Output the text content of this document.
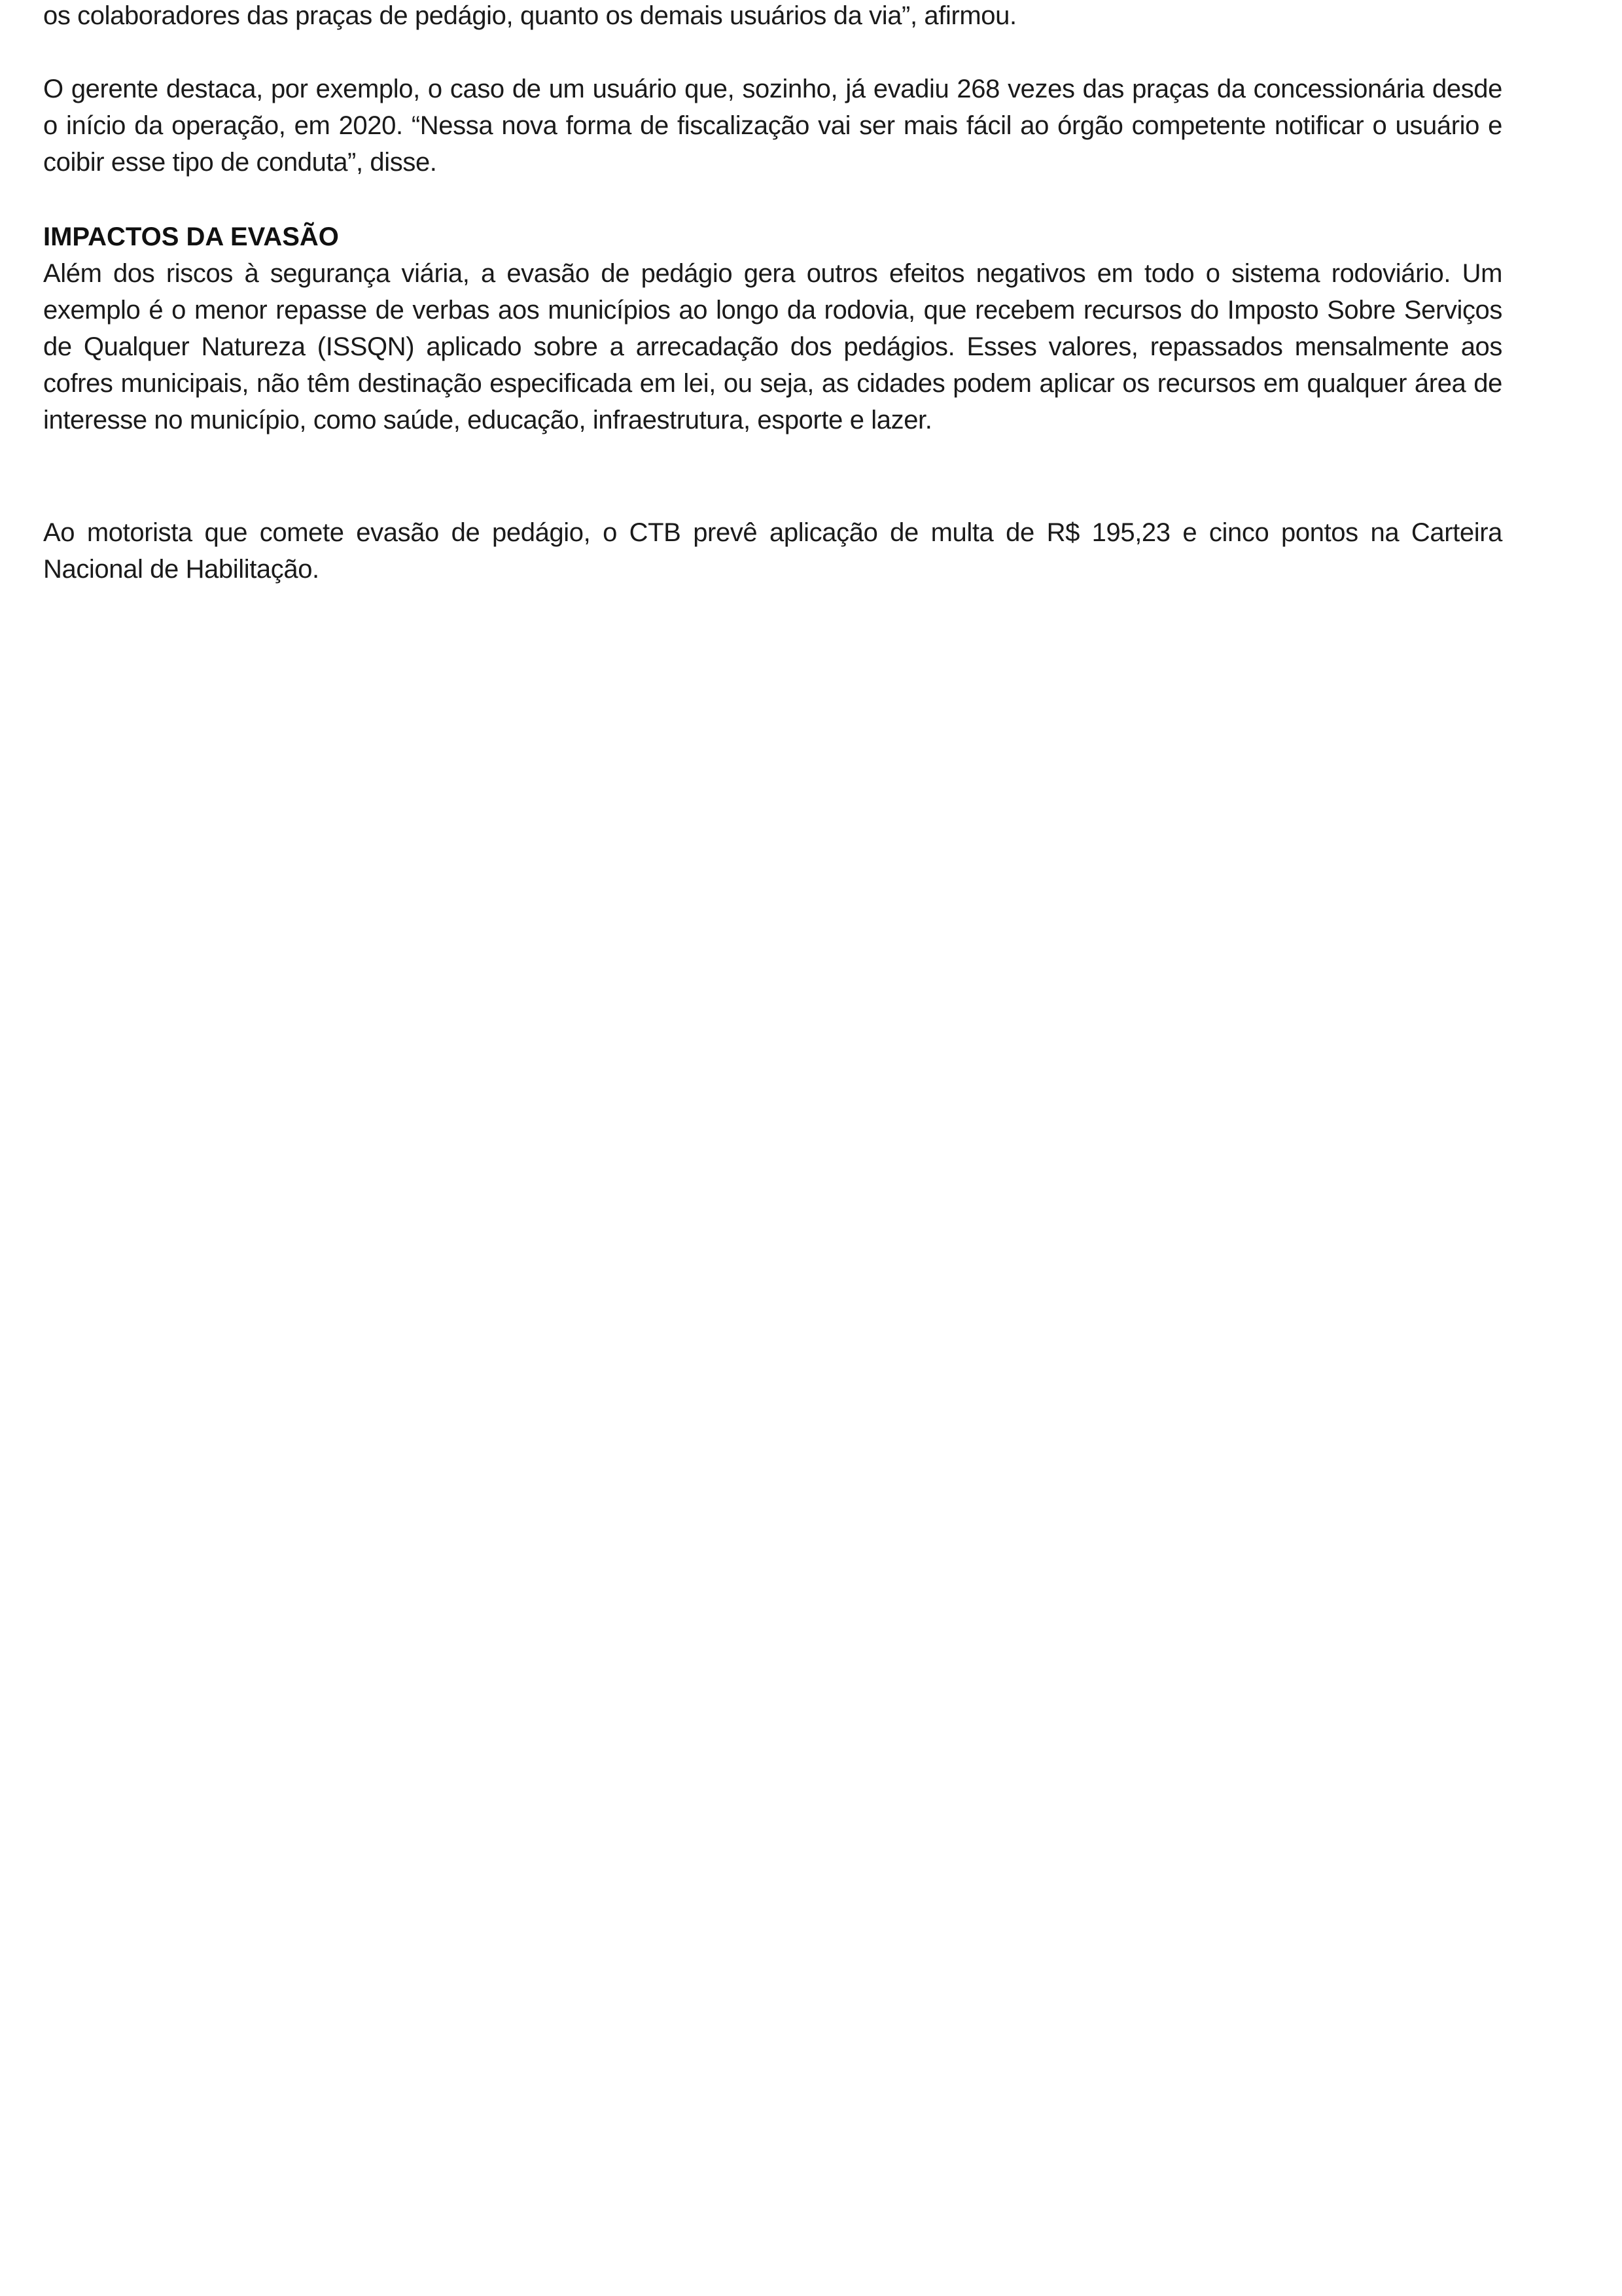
os colaboradores das praças de pedágio, quanto os demais usuários da via”, afirmou.

O gerente destaca, por exemplo, o caso de um usuário que, sozinho, já evadiu 268 vezes das praças da concessionária desde o início da operação, em 2020. “Nessa nova forma de fiscalização vai ser mais fácil ao órgão competente notificar o usuário e coibir esse tipo de conduta”, disse.

IMPACTOS DA EVASÃO

Além dos riscos à segurança viária, a evasão de pedágio gera outros efeitos negativos em todo o sistema rodoviário. Um exemplo é o menor repasse de verbas aos municípios ao longo da rodovia, que recebem recursos do Imposto Sobre Serviços de Qualquer Natureza (ISSQN) aplicado sobre a arrecadação dos pedágios. Esses valores, repassados mensalmente aos cofres municipais, não têm destinação especificada em lei, ou seja, as cidades podem aplicar os recursos em qualquer área de interesse no município, como saúde, educação, infraestrutura, esporte e lazer.

Ao motorista que comete evasão de pedágio, o CTB prevê aplicação de multa de R$ 195,23 e cinco pontos na Carteira Nacional de Habilitação.
